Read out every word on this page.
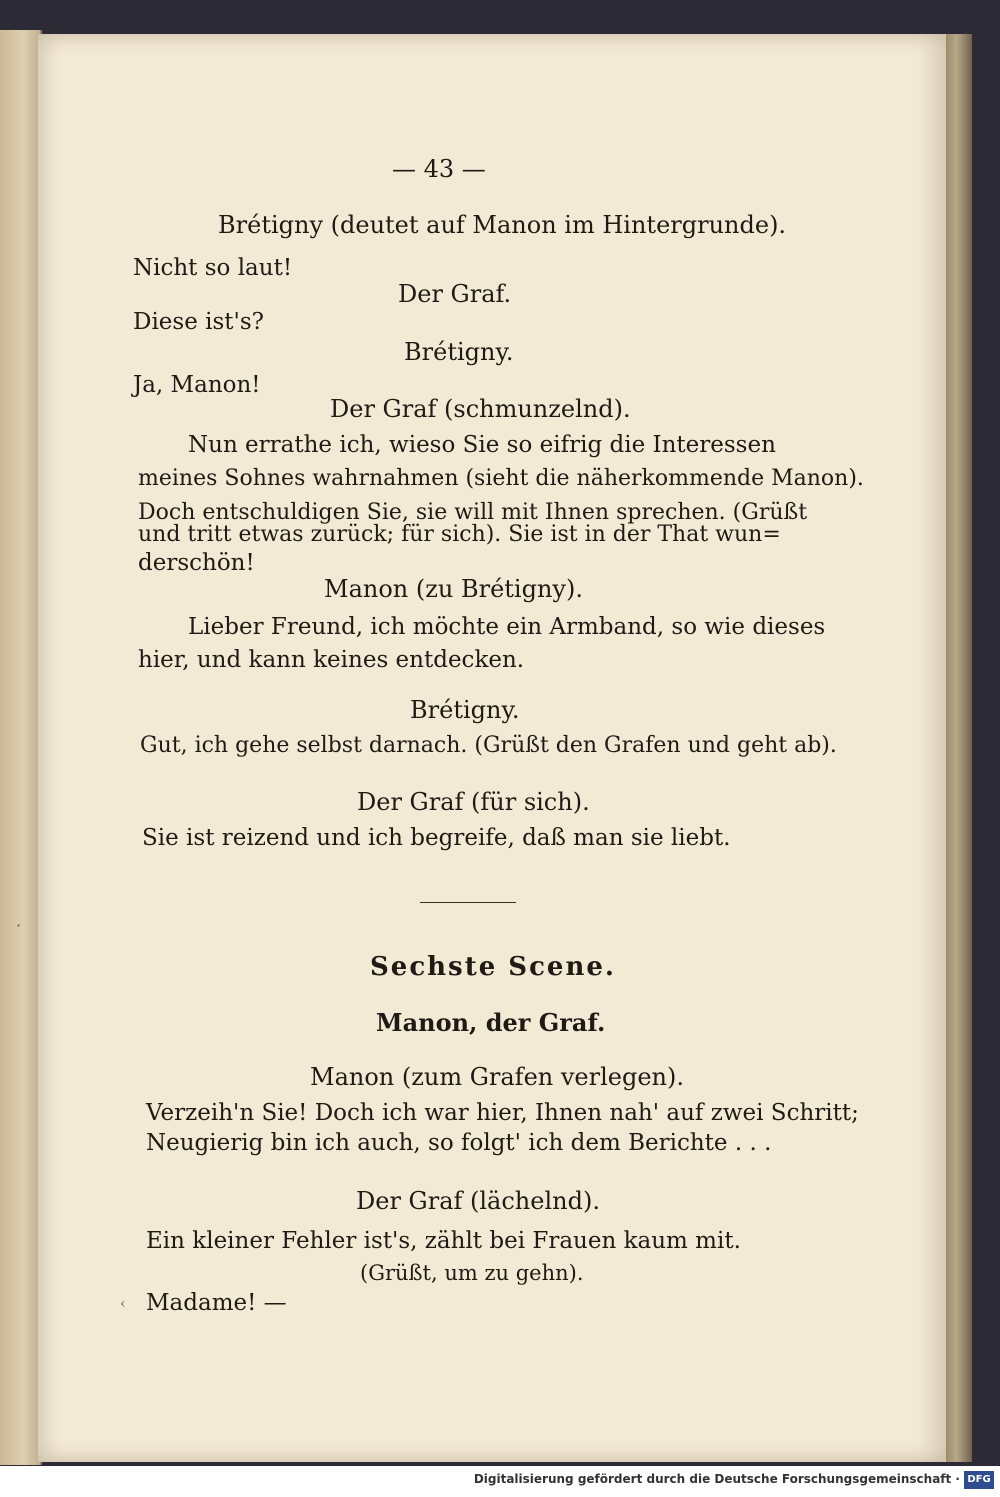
— 43 —

Brétigny (deutet auf Manon im Hintergrunde).

Nicht so laut!

Der Graf.

Diese ist's?

Brétigny.

Ja, Manon!

Der Graf (schmunzelnd).

Nun errathe ich, wieso Sie so eifrig die Interessen

meines Sohnes wahrnahmen (sieht die näherkommende Manon).

Doch entschuldigen Sie, sie will mit Ihnen sprechen. (Grüßt

und tritt etwas zurück; für sich). Sie ist in der That wun=

derschön!

Manon (zu Brétigny).

Lieber Freund, ich möchte ein Armband, so wie dieses

hier, und kann keines entdecken.

Brétigny.

Gut, ich gehe selbst darnach. (Grüßt den Grafen und geht ab).

Der Graf (für sich).

Sie ist reizend und ich begreife, daß man sie liebt.

·

Sechste Scene.

Manon, der Graf.

Manon (zum Grafen verlegen).

Verzeih'n Sie! Doch ich war hier, Ihnen nah' auf zwei Schritt;

Neugierig bin ich auch, so folgt' ich dem Berichte . . .

Der Graf (lächelnd).

Ein kleiner Fehler ist's, zählt bei Frauen kaum mit.

(Grüßt, um zu gehn).

‹ Madame! —

Digitalisierung gefördert durch die Deutsche Forschungsgemeinschaft · DFG
